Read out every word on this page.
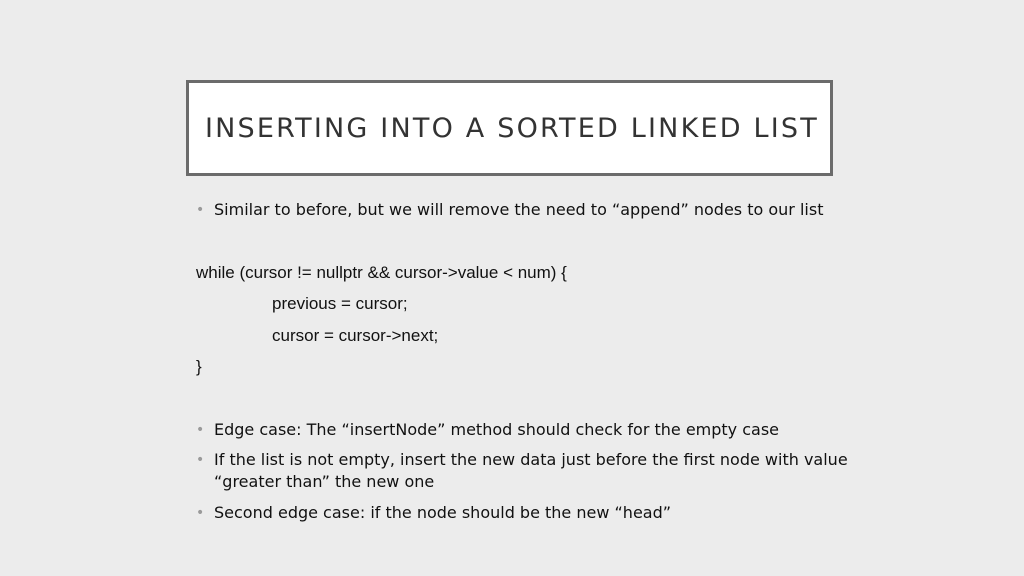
INSERTING INTO A SORTED LINKED LIST
• Similar to before, but we will remove the need to “append” nodes to our list
while (cursor != nullptr && cursor->value < num) {
previous = cursor;
cursor = cursor->next;
}
• Edge case: The “insertNode” method should check for the empty case
• If the list is not empty, insert the new data just before the first node with value
“greater than” the new one
• Second edge case: if the node should be the new “head”
